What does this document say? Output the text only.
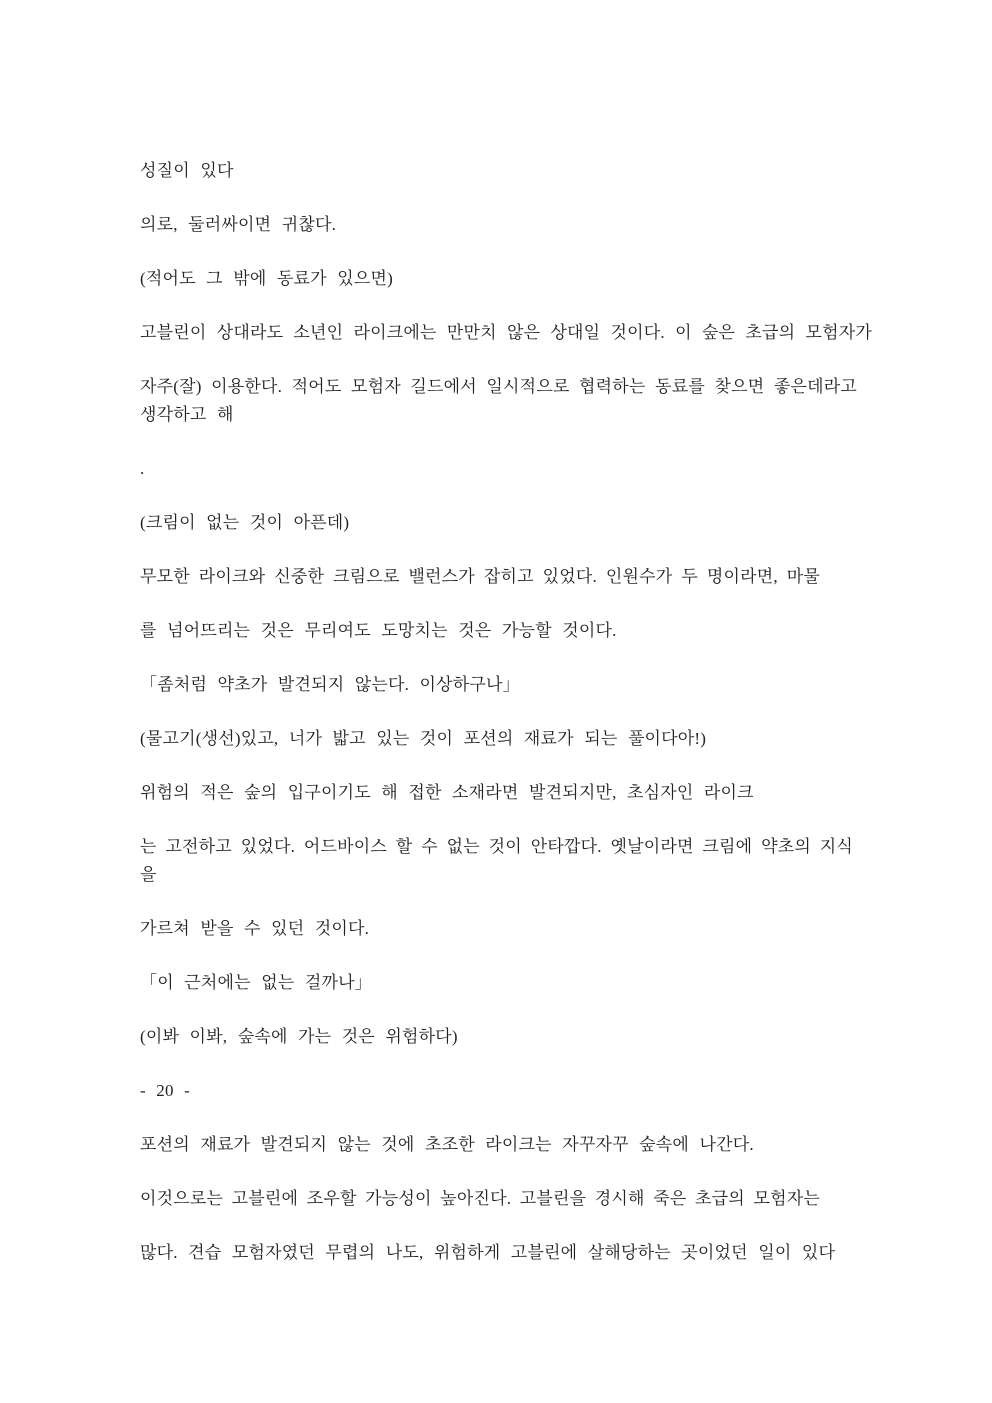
성질이 있다
의로, 둘러싸이면 귀찮다.
(적어도 그 밖에 동료가 있으면)
고블린이 상대라도 소년인 라이크에는 만만치 않은 상대일 것이다. 이 숲은 초급의 모험자가
자주(잘) 이용한다. 적어도 모험자 길드에서 일시적으로 협력하는 동료를 찾으면 좋은데라고
생각하고 해
.
(크림이 없는 것이 아픈데)
무모한 라이크와 신중한 크림으로 밸런스가 잡히고 있었다. 인원수가 두 명이라면, 마물
를 넘어뜨리는 것은 무리여도 도망치는 것은 가능할 것이다.
「좀처럼 약초가 발견되지 않는다. 이상하구나」
(물고기(생선)있고, 너가 밟고 있는 것이 포션의 재료가 되는 풀이다아!)
위험의 적은 숲의 입구이기도 해 접한 소재라면 발견되지만, 초심자인 라이크
는 고전하고 있었다. 어드바이스 할 수 없는 것이 안타깝다. 옛날이라면 크림에 약초의 지식
을
가르쳐 받을 수 있던 것이다.
「이 근처에는 없는 걸까나」
(이봐 이봐, 숲속에 가는 것은 위험하다)
- 20 -
포션의 재료가 발견되지 않는 것에 초조한 라이크는 자꾸자꾸 숲속에 나간다.
이것으로는 고블린에 조우할 가능성이 높아진다. 고블린을 경시해 죽은 초급의 모험자는
많다. 견습 모험자였던 무렵의 나도, 위험하게 고블린에 살해당하는 곳이었던 일이 있다
